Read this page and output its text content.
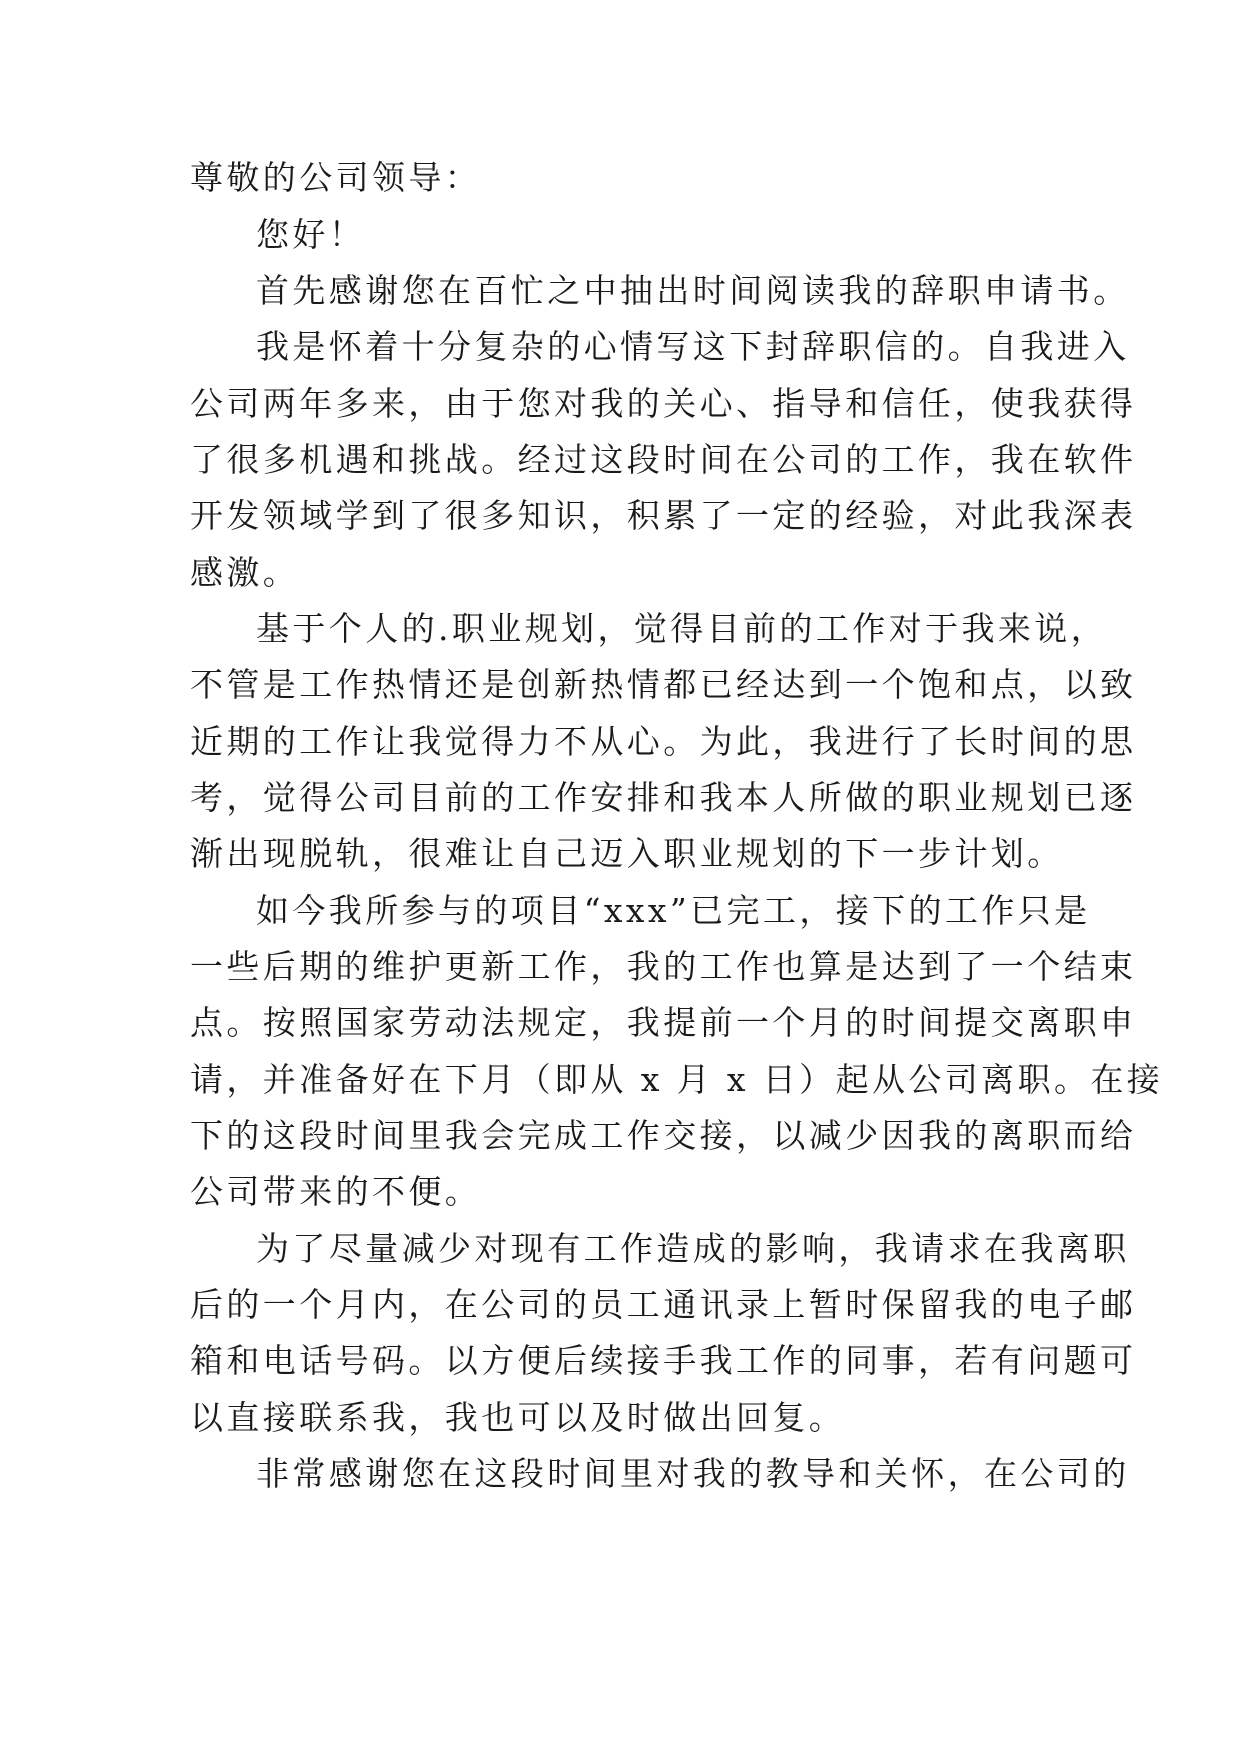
尊敬的公司领导：
您好！
首先感谢您在百忙之中抽出时间阅读我的辞职申请书。
我是怀着十分复杂的心情写这下封辞职信的。自我进入
公司两年多来，由于您对我的关心、指导和信任，使我获得
了很多机遇和挑战。经过这段时间在公司的工作，我在软件
开发领域学到了很多知识，积累了一定的经验，对此我深表
感激。
基于个人的.职业规划，觉得目前的工作对于我来说，
不管是工作热情还是创新热情都已经达到一个饱和点，以致
近期的工作让我觉得力不从心。为此，我进行了长时间的思
考，觉得公司目前的工作安排和我本人所做的职业规划已逐
渐出现脱轨，很难让自己迈入职业规划的下一步计划。
如今我所参与的项目“xxx”已完工，接下的工作只是
一些后期的维护更新工作，我的工作也算是达到了一个结束
点。按照国家劳动法规定，我提前一个月的时间提交离职申
请，并准备好在下月（即从 x 月 x 日）起从公司离职。在接
下的这段时间里我会完成工作交接，以减少因我的离职而给
公司带来的不便。
为了尽量减少对现有工作造成的影响，我请求在我离职
后的一个月内，在公司的员工通讯录上暂时保留我的电子邮
箱和电话号码。以方便后续接手我工作的同事，若有问题可
以直接联系我，我也可以及时做出回复。
非常感谢您在这段时间里对我的教导和关怀，在公司的
